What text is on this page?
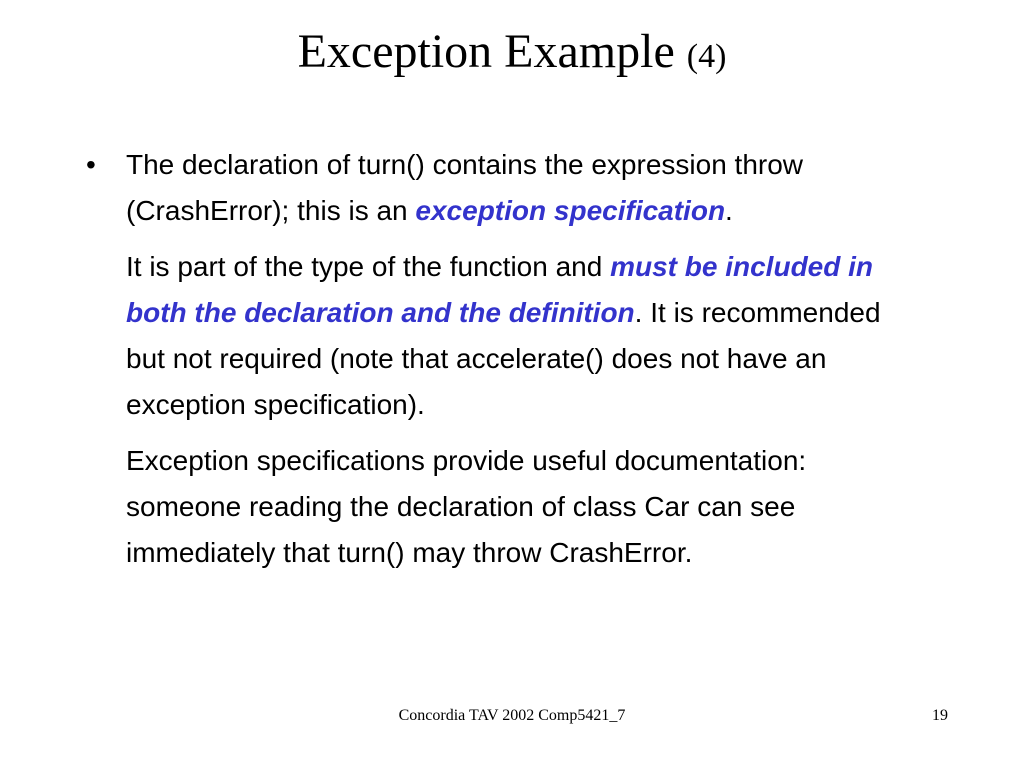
Exception Example (4)

• The declaration of turn() contains the expression throw (CrashError); this is an exception specification.

It is part of the type of the function and must be included in both the declaration and the definition. It is recommended but not required (note that accelerate() does not have an exception specification).

Exception specifications provide useful documentation: someone reading the declaration of class Car can see immediately that turn() may throw CrashError.

Concordia TAV 2002 Comp5421_7	19
